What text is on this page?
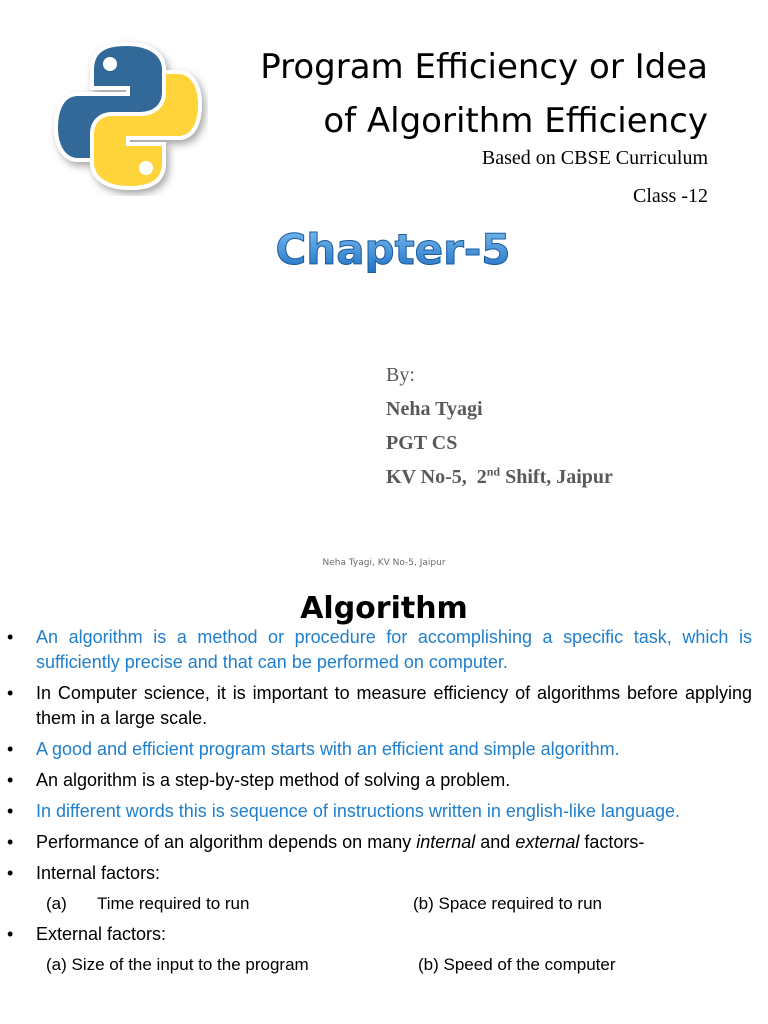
Program Efficiency or Idea
of Algorithm Efficiency
Based on CBSE Curriculum
Class -12
Chapter-5
By:
Neha Tyagi
PGT CS
KV No-5,  2nd Shift, Jaipur
Neha Tyagi, KV No-5, Jaipur
Algorithm
• An algorithm is a method or procedure for accomplishing a specific task, which is sufficiently precise and that can be performed on computer.
• In Computer science, it is important to measure efficiency of algorithms before applying them in a large scale.
• A good and efficient program starts with an efficient and simple algorithm.
• An algorithm is a step-by-step method of solving a problem.
• In different words this is sequence of instructions written in english-like language.
• Performance of an algorithm depends on many internal and external factors-
• Internal factors:
(a) Time required to run	(b) Space required to run
• External factors:
(a) Size of the input to the program	(b) Speed of the computer
